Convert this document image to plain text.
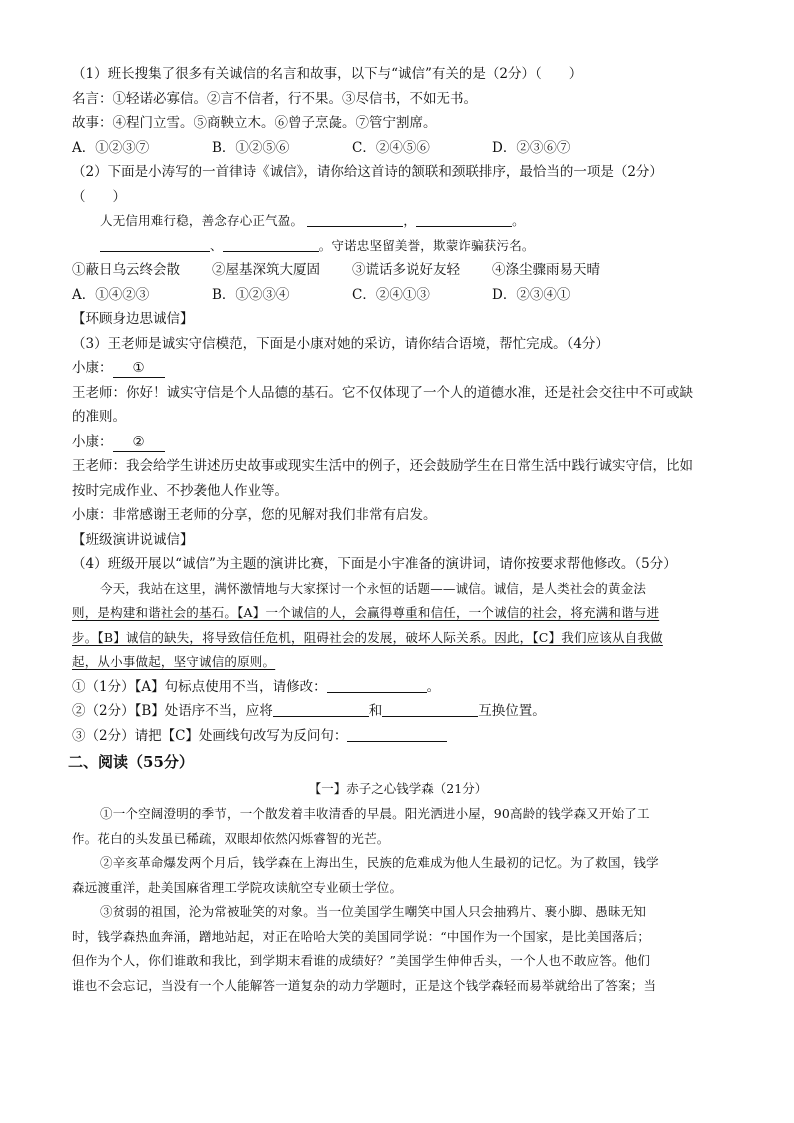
（1）班长搜集了很多有关诚信的名言和故事，以下与“诚信”有关的是（2分）（　　）
名言：①轻诺必寡信。②言不信者，行不果。③尽信书，不如无书。
故事：④程门立雪。⑤商鞅立木。⑥曾子烹彘。⑦管宁割席。
A．①②③⑦	B．①②⑤⑥	C．②④⑤⑥	D．②③⑥⑦
（2）下面是小涛写的一首律诗《诚信》，请你给这首诗的颔联和颈联排序，最恰当的一项是（2分）
（　　）
人无信用难行稳，善念存心正气盈。	，	。
、	。守诺忠坚留美誉，欺蒙诈骗获污名。
①蔽日乌云终会散 ②屋基深筑大厦固 ③谎话多说好友轻 ④涤尘骤雨易天晴
A．①④②③	B．①②③④	C．②④①③	D．②③④①
【环顾身边思诚信】
（3）王老师是诚实守信模范，下面是小康对她的采访，请你结合语境，帮忙完成。（4分）
小康： ①
王老师：你好！诚实守信是个人品德的基石。它不仅体现了一个人的道德水准，还是社会交往中不可或缺
的准则。
小康： ②
王老师：我会给学生讲述历史故事或现实生活中的例子，还会鼓励学生在日常生活中践行诚实守信，比如
按时完成作业、不抄袭他人作业等。
小康：非常感谢王老师的分享，您的见解对我们非常有启发。
【班级演讲说诚信】
（4）班级开展以“诚信”为主题的演讲比赛，下面是小宇准备的演讲词，请你按要求帮他修改。（5分）
今天，我站在这里，满怀激情地与大家探讨一个永恒的话题——诚信。诚信，是人类社会的黄金法
则，是构建和谐社会的基石。【A】一个诚信的人，会赢得尊重和信任，一个诚信的社会，将充满和谐与进
步。【B】诚信的缺失，将导致信任危机，阻碍社会的发展，破坏人际关系。因此，【C】我们应该从自我做
起，从小事做起，坚守诚信的原则。
①（1分）【A】句标点使用不当，请修改：	。
②（2分）【B】处语序不当，应将	和	互换位置。
③（2分）请把【C】处画线句改写为反问句：
二、阅读（55分）
【一】赤子之心钱学森（21分）
①一个空阔澄明的季节，一个散发着丰收清香的早晨。阳光洒进小屋，90高龄的钱学森又开始了工
作。花白的头发虽已稀疏，双眼却依然闪烁睿智的光芒。
②辛亥革命爆发两个月后，钱学森在上海出生，民族的危难成为他人生最初的记忆。为了救国，钱学
森远渡重洋，赴美国麻省理工学院攻读航空专业硕士学位。
③贫弱的祖国，沦为常被耻笑的对象。当一位美国学生嘲笑中国人只会抽鸦片、裹小脚、愚昧无知
时，钱学森热血奔涌，蹭地站起，对正在哈哈大笑的美国同学说：“中国作为一个国家，是比美国落后；
但作为个人，你们谁敢和我比，到学期末看谁的成绩好？”美国学生伸伸舌头，一个人也不敢应答。他们
谁也不会忘记，当没有一个人能解答一道复杂的动力学题时，正是这个钱学森轻而易举就给出了答案；当
